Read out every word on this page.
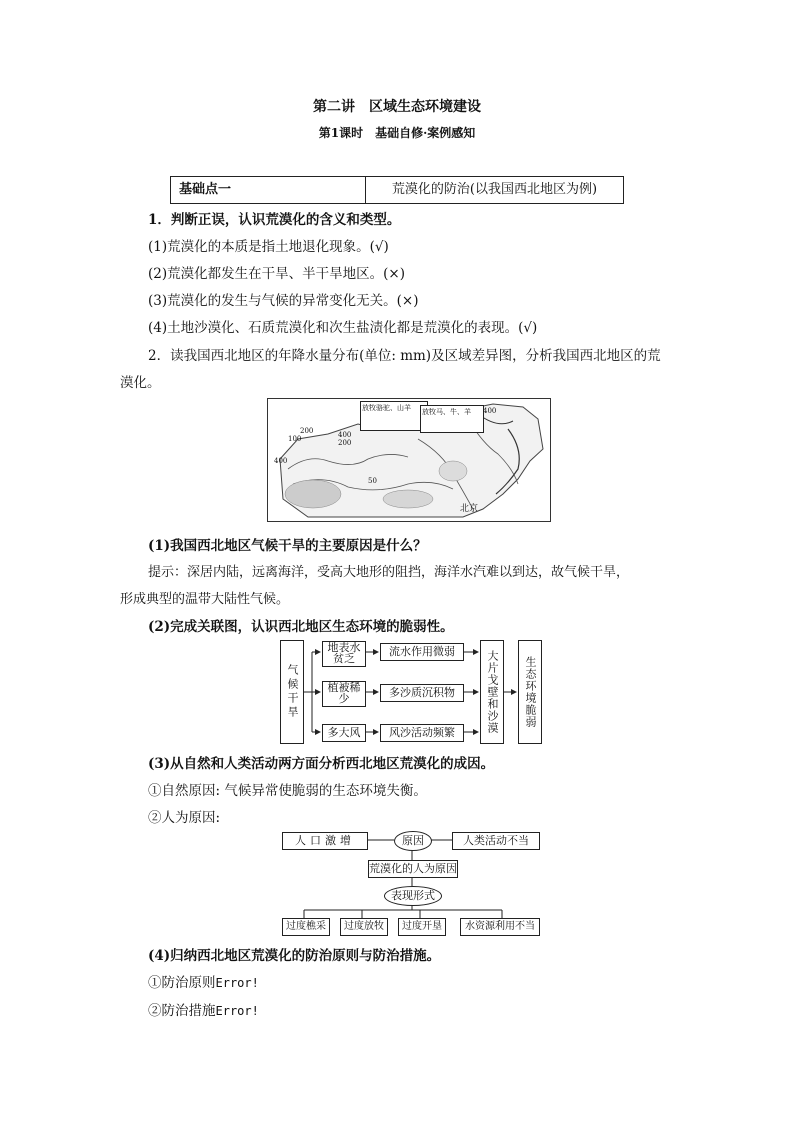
第二讲　区域生态环境建设
第1课时　基础自修·案例感知
基础点一	荒漠化的防治(以我国西北地区为例)
1．判断正误，认识荒漠化的含义和类型。
(1)荒漠化的本质是指土地退化现象。(√)
(2)荒漠化都发生在干旱、半干旱地区。(×)
(3)荒漠化的发生与气候的异常变化无关。(×)
(4)土地沙漠化、石质荒漠化和次生盐渍化都是荒漠化的表现。(√)
2．读我国西北地区的年降水量分布(单位: mm)及区域差异图，分析我国西北地区的荒
漠化。
放牧骆驼、山羊	放牧马、牛、羊
200
100
400
400
200
50
400
北京
(1)我国西北地区气候干旱的主要原因是什么？
提示：深居内陆，远离海洋，受高大地形的阻挡，海洋水汽难以到达，故气候干旱，
形成典型的温带大陆性气候。
(2)完成关联图，认识西北地区生态环境的脆弱性。
气候干旱
地表水贫乏
植被稀少
多大风
流水作用微弱
多沙质沉积物
风沙活动频繁	大片戈壁和沙漠	生态环境脆弱
(3)从自然和人类活动两方面分析西北地区荒漠化的成因。
①自然原因: 气候异常使脆弱的生态环境失衡。
②人为原因:
人口激增	原因	人类活动不当
荒漠化的人为原因
表现形式
过度樵采	过度放牧	过度开垦	水资源利用不当
(4)归纳西北地区荒漠化的防治原则与防治措施。
①防治原则Error!
②防治措施Error!
